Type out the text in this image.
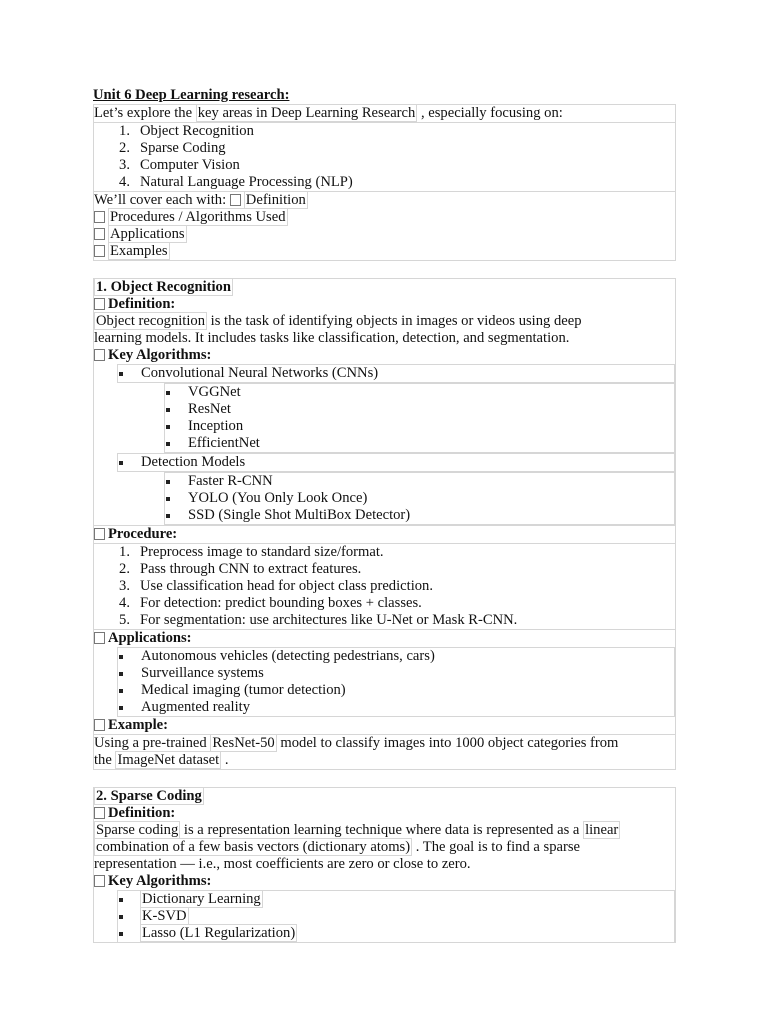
Unit 6 Deep Learning research:
Let’s explore the key areas in Deep Learning Research , especially focusing on:
1. Object Recognition
2. Sparse Coding
3. Computer Vision
4. Natural Language Processing (NLP)
We’ll cover each with: Definition
Procedures / Algorithms Used
Applications
Examples
1. Object Recognition
Definition:
Object recognition is the task of identifying objects in images or videos using deep
learning models. It includes tasks like classification, detection, and segmentation.
Key Algorithms:
Convolutional Neural Networks (CNNs)
VGGNet
ResNet
Inception
EfficientNet
Detection Models
Faster R-CNN
YOLO (You Only Look Once)
SSD (Single Shot MultiBox Detector)
Procedure:
1. Preprocess image to standard size/format.
2. Pass through CNN to extract features.
3. Use classification head for object class prediction.
4. For detection: predict bounding boxes + classes.
5. For segmentation: use architectures like U-Net or Mask R-CNN.
Applications:
Autonomous vehicles (detecting pedestrians, cars)
Surveillance systems
Medical imaging (tumor detection)
Augmented reality
Example:
Using a pre-trained ResNet-50 model to classify images into 1000 object categories from
the ImageNet dataset .
2. Sparse Coding
Definition:
Sparse coding is a representation learning technique where data is represented as a linear
combination of a few basis vectors (dictionary atoms) . The goal is to find a sparse
representation — i.e., most coefficients are zero or close to zero.
Key Algorithms:
Dictionary Learning
K-SVD
Lasso (L1 Regularization)
